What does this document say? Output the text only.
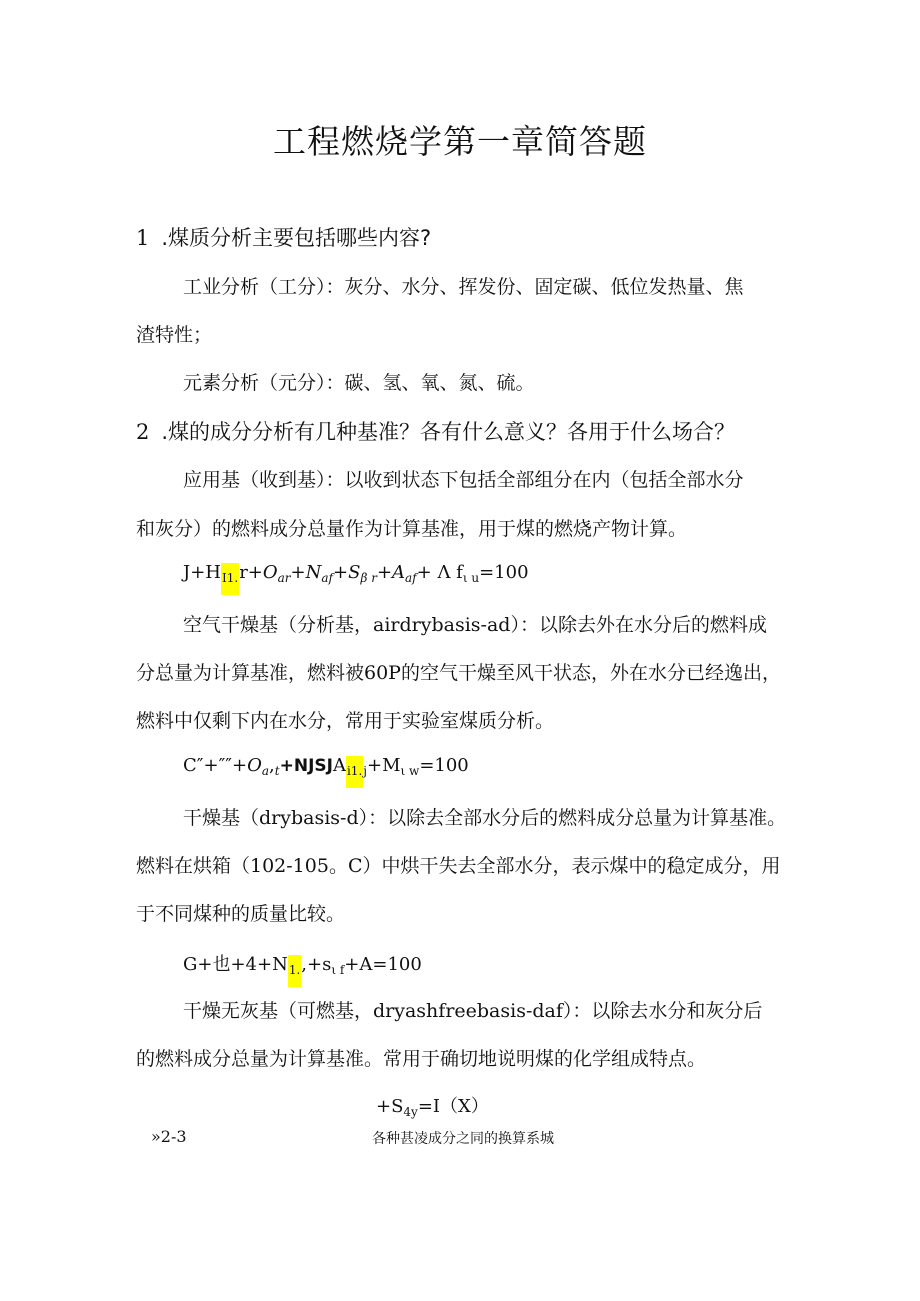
工程燃烧学第一章简答题
1 .煤质分析主要包括哪些内容?
工业分析（工分）：灰分、水分、挥发份、固定碳、低位发热量、焦
渣特性；
元素分析（元分）：碳、氢、氧、氮、硫。
2 .煤的成分分析有几种基准？各有什么意义？各用于什么场合？
应用基（收到基）：以收到状态下包括全部组分在内（包括全部水分
和灰分）的燃料成分总量作为计算基准，用于煤的燃烧产物计算。
$J+H_{I1.}r+O_{ar}+N_{af}+S_{\beta r}+A_{af}+ \Lambda$ $f_{\iota u}=100$
空气干燥基（分析基，airdrybasis-ad）：以除去外在水分后的燃料成
分总量为计算基准，燃料被60P的空气干燥至风干状态，外在水分已经逸出，
燃料中仅剩下内在水分，常用于实验室煤质分析。
$C''+''''+O_a,_t+NJSJA_{i1.j}+M_{\iota w}=100$
干燥基（drybasis-d）：以除去全部水分后的燃料成分总量为计算基准。
燃料在烘箱（102-105。C）中烘干失去全部水分，表示煤中的稳定成分，用
于不同煤种的质量比较。
G+也$+4+N_{1.},+s_{\iota f}+A=100$
干燥无灰基（可燃基，dryashfreebasis-daf）：以除去水分和灰分后
的燃料成分总量为计算基准。常用于确切地说明煤的化学组成特点。
$+S_{4y}=I(X)$
»2-3	各种甚凌成分之同的换算系城
